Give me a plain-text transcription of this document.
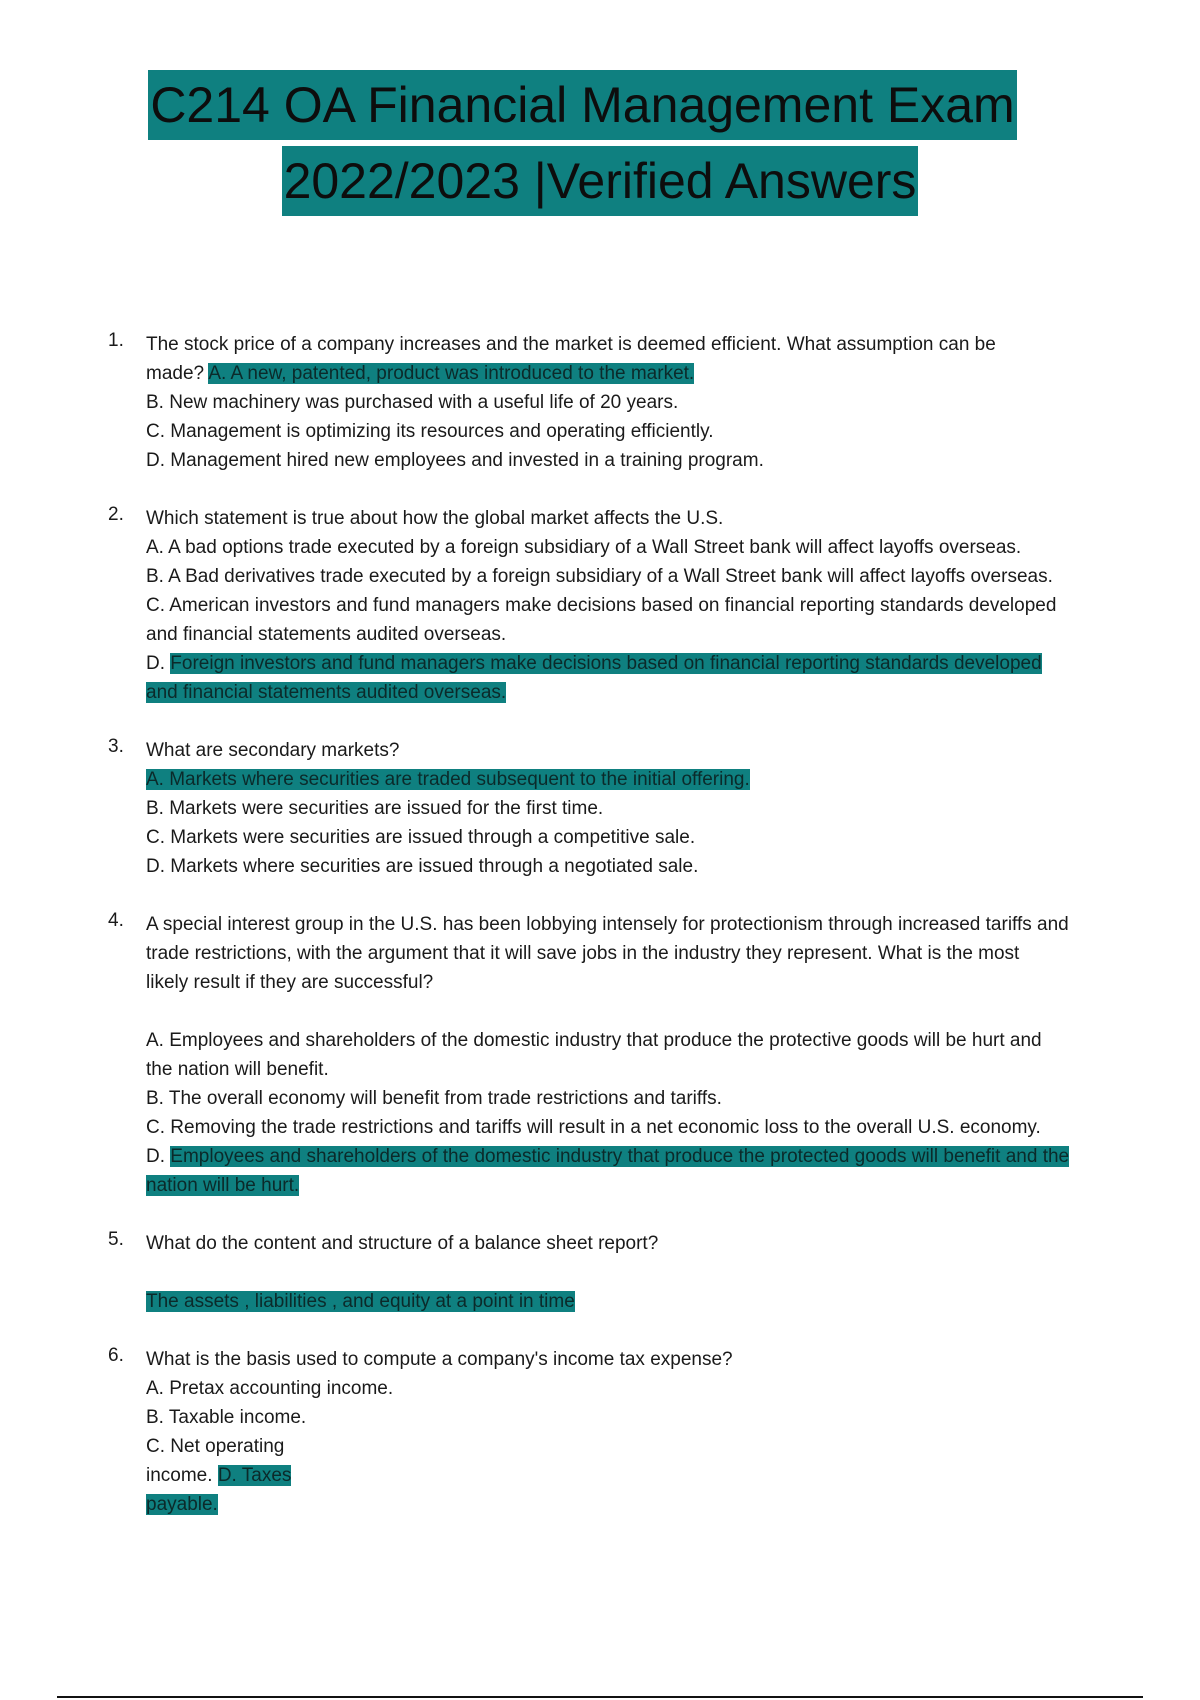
C214 OA Financial Management Exam
2022/2023 |Verified Answers
1. The stock price of a company increases and the market is deemed efficient. What assumption can be

made? A. A new, patented, product was introduced to the market.

B. New machinery was purchased with a useful life of 20 years.

C. Management is optimizing its resources and operating efficiently.

D. Management hired new employees and invested in a training program.

2. Which statement is true about how the global market affects the U.S.

A. A bad options trade executed by a foreign subsidiary of a Wall Street bank will affect layoffs overseas.

B. A Bad derivatives trade executed by a foreign subsidiary of a Wall Street bank will affect layoffs overseas.

C. American investors and fund managers make decisions based on financial reporting standards developed

and financial statements audited overseas.

D. Foreign investors and fund managers make decisions based on financial reporting standards developed

and financial statements audited overseas.

3. What are secondary markets?

A. Markets where securities are traded subsequent to the initial offering.

B. Markets were securities are issued for the first time.

C. Markets were securities are issued through a competitive sale.

D. Markets where securities are issued through a negotiated sale.

4. A special interest group in the U.S. has been lobbying intensely for protectionism through increased tariffs and

trade restrictions, with the argument that it will save jobs in the industry they represent. What is the most

likely result if they are successful?

A. Employees and shareholders of the domestic industry that produce the protective goods will be hurt and

the nation will benefit.

B. The overall economy will benefit from trade restrictions and tariffs.

C. Removing the trade restrictions and tariffs will result in a net economic loss to the overall U.S. economy.

D. Employees and shareholders of the domestic industry that produce the protected goods will benefit and the

nation will be hurt.

5. What do the content and structure of a balance sheet report?

The assets , liabilities , and equity at a point in time

6. What is the basis used to compute a company's income tax expense?

A. Pretax accounting income.

B. Taxable income.

C. Net operating

income. D. Taxes

payable.
